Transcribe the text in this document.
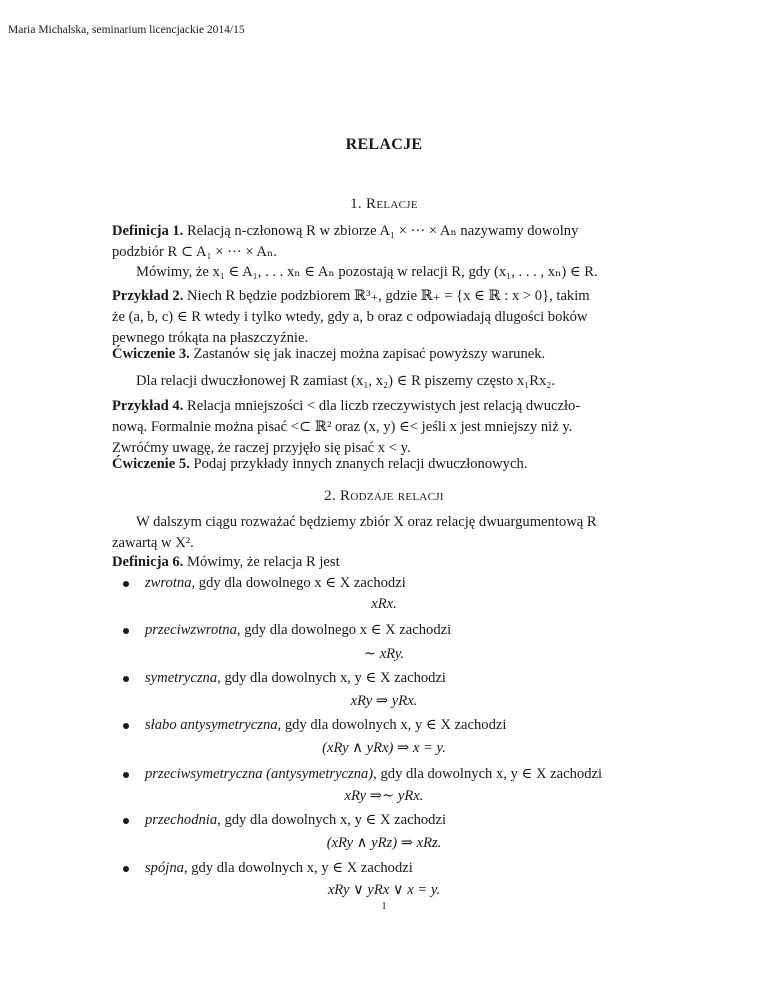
Maria Michalska, seminarium licencjackie 2014/15
RELACJE
1. Relacje
Definicja 1. Relacją n-członową R w zbiorze A₁ × ··· × Aₙ nazywamy dowolny
podzbiór R ⊂ A₁ × ··· × Aₙ.
Mówimy, że x₁ ∈ A₁, . . . xₙ ∈ Aₙ pozostają w relacji R, gdy (x₁, . . . , xₙ) ∈ R.
Przykład 2. Niech R będzie podzbiorem ℝ³₊, gdzie ℝ₊ = {x ∈ ℝ : x > 0}, takim
że (a, b, c) ∈ R wtedy i tylko wtedy, gdy a, b oraz c odpowiadają dlugości boków
pewnego trókąta na płaszczyźnie.
Ćwiczenie 3. Zastanów się jak inaczej można zapisać powyższy warunek.
Dla relacji dwuczłonowej R zamiast (x₁, x₂) ∈ R piszemy często x₁Rx₂.
Przykład 4. Relacja mniejszości < dla liczb rzeczywistych jest relacją dwuczło-
nową. Formalnie można pisać <⊂ ℝ² oraz (x, y) ∈< jeśli x jest mniejszy niż y.
Zwróćmy uwagę, że raczej przyjęło się pisać x < y.
Ćwiczenie 5. Podaj przykłady innych znanych relacji dwuczłonowych.
2. Rodzaje relacji
W dalszym ciągu rozważać będziemy zbiór X oraz relację dwuargumentową R
zawartą w X².
Definicja 6. Mówimy, że relacja R jest
zwrotna, gdy dla dowolnego x ∈ X zachodzi
xRx.
przeciwzwrotna, gdy dla dowolnego x ∈ X zachodzi
∼ xRy.
symetryczna, gdy dla dowolnych x, y ∈ X zachodzi
xRy ⇒ yRx.
słabo antysymetryczna, gdy dla dowolnych x, y ∈ X zachodzi
(xRy ∧ yRx) ⇒ x = y.
przeciwsymetryczna (antysymetryczna), gdy dla dowolnych x, y ∈ X zachodzi
xRy ⇒∼ yRx.
przechodnia, gdy dla dowolnych x, y ∈ X zachodzi
(xRy ∧ yRz) ⇒ xRz.
spójna, gdy dla dowolnych x, y ∈ X zachodzi
xRy ∨ yRx ∨ x = y.
1
